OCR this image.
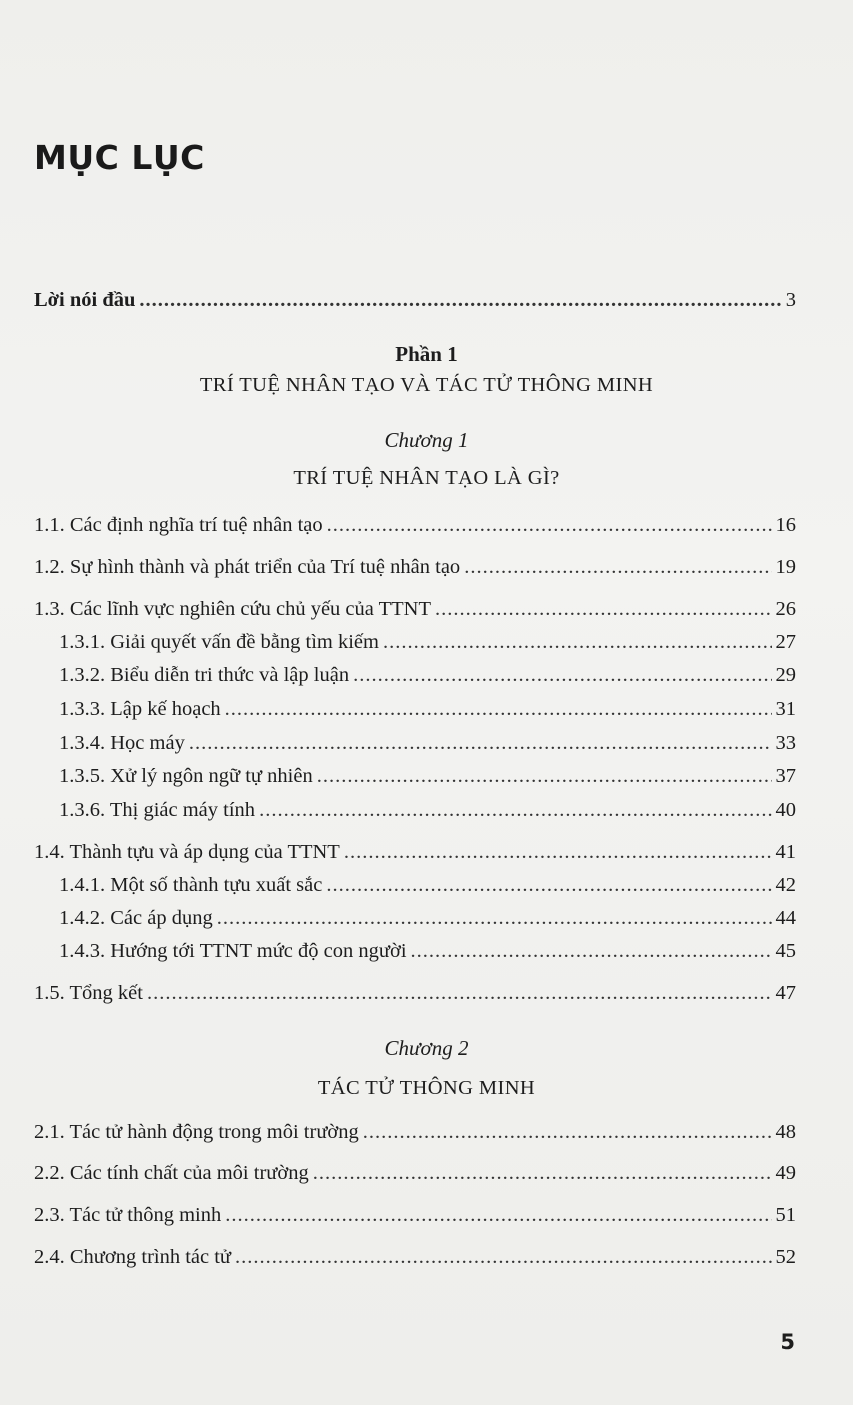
MỤC LỤC
Lời nói đầu .....	3
Phần 1
TRÍ TUỆ NHÂN TẠO VÀ TÁC TỬ THÔNG MINH
Chương 1
TRÍ TUỆ NHÂN TẠO LÀ GÌ?
1.1. Các định nghĩa trí tuệ nhân tạo .....	16
1.2. Sự hình thành và phát triển của Trí tuệ nhân tạo .....	19
1.3. Các lĩnh vực nghiên cứu chủ yếu của TTNT .....	26
1.3.1. Giải quyết vấn đề bằng tìm kiếm .....	27
1.3.2. Biểu diễn tri thức và lập luận .....	29
1.3.3. Lập kế hoạch .....	31
1.3.4. Học máy .....	33
1.3.5. Xử lý ngôn ngữ tự nhiên .....	37
1.3.6. Thị giác máy tính .....	40
1.4. Thành tựu và áp dụng của TTNT .....	41
1.4.1. Một số thành tựu xuất sắc .....	42
1.4.2. Các áp dụng .....	44
1.4.3. Hướng tới TTNT mức độ con người .....	45
1.5. Tổng kết .....	47
Chương 2
TÁC TỬ THÔNG MINH
2.1. Tác tử hành động trong môi trường .....	48
2.2. Các tính chất của môi trường .....	49
2.3. Tác tử thông minh .....	51
2.4. Chương trình tác tử .....	52
5
